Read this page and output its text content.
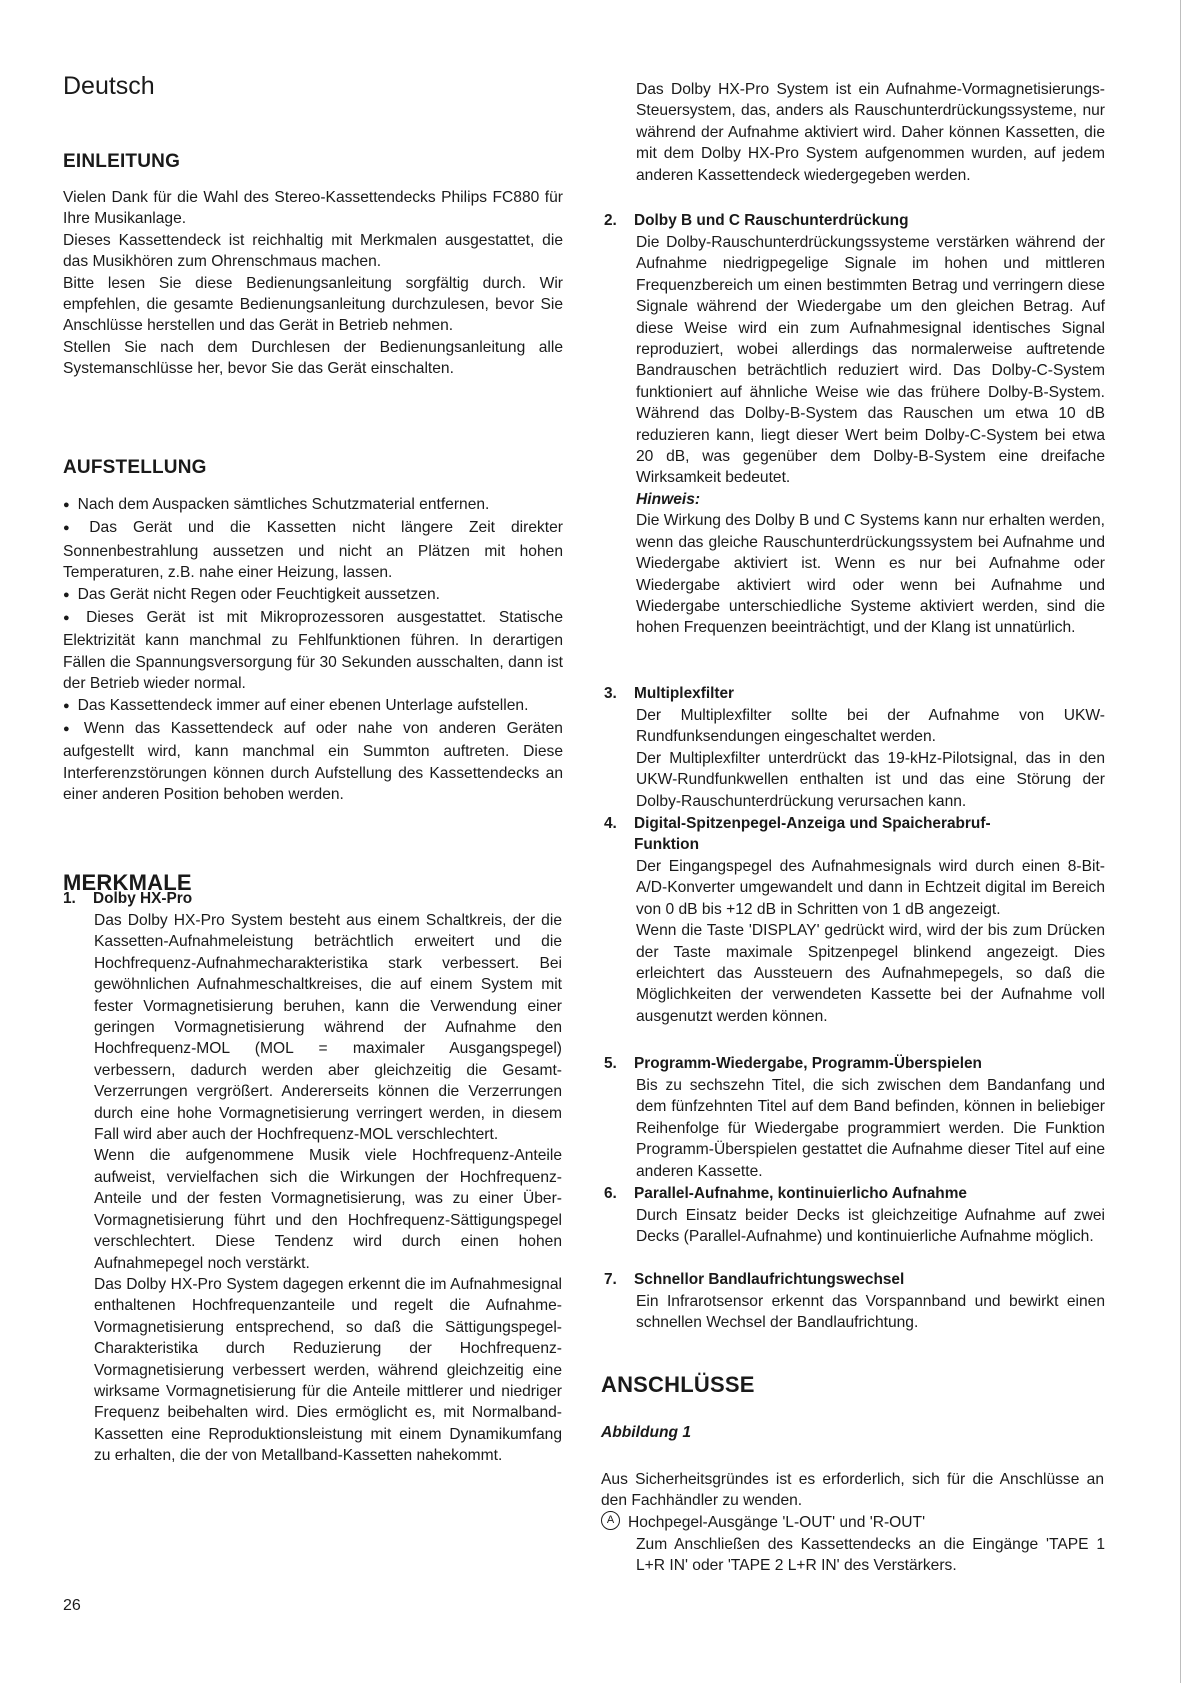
Deutsch
EINLEITUNG

Vielen Dank für die Wahl des Stereo-Kassettendecks Philips FC880 für Ihre Musikanlage.

Dieses Kassettendeck ist reichhaltig mit Merkmalen ausgestattet, die das Musikhören zum Ohrenschmaus machen.

Bitte lesen Sie diese Bedienungsanleitung sorgfältig durch. Wir empfehlen, die gesamte Bedienungsanleitung durchzulesen, bevor Sie Anschlüsse herstellen und das Gerät in Betrieb nehmen.

Stellen Sie nach dem Durchlesen der Bedienungsanleitung alle Systemanschlüsse her, bevor Sie das Gerät einschalten.

AUFSTELLUNG

● Nach dem Auspacken sämtliches Schutzmaterial entfernen.

● Das Gerät und die Kassetten nicht längere Zeit direkter Sonnenbestrahlung aussetzen und nicht an Plätzen mit hohen Temperaturen, z.B. nahe einer Heizung, lassen.

● Das Gerät nicht Regen oder Feuchtigkeit aussetzen.

● Dieses Gerät ist mit Mikroprozessoren ausgestattet. Statische Elektrizität kann manchmal zu Fehlfunktionen führen. In derartigen Fällen die Spannungsversorgung für 30 Sekunden ausschalten, dann ist der Betrieb wieder normal.

● Das Kassettendeck immer auf einer ebenen Unterlage aufstellen.

● Wenn das Kassettendeck auf oder nahe von anderen Geräten aufgestellt wird, kann manchmal ein Summton auftreten. Diese Interferenzstörungen können durch Aufstellung des Kassettendecks an einer anderen Position behoben werden.

MERKMALE
1. Dolby HX-Pro

Das Dolby HX-Pro System besteht aus einem Schaltkreis, der die Kassetten-Aufnahmeleistung beträchtlich erweitert und die Hochfrequenz-Aufnahmecharakteristika stark verbessert. Bei gewöhnlichen Aufnahmeschaltkreises, die auf einem System mit fester Vormagnetisierung beruhen, kann die Verwendung einer geringen Vormagnetisierung während der Aufnahme den Hochfrequenz-MOL (MOL = maximaler Ausgangspegel) verbessern, dadurch werden aber gleichzeitig die Gesamt-Verzerrungen vergrößert. Andererseits können die Verzerrungen durch eine hohe Vormagnetisierung verringert werden, in diesem Fall wird aber auch der Hochfrequenz-MOL verschlechtert.

Wenn die aufgenommene Musik viele Hochfrequenz-Anteile aufweist, vervielfachen sich die Wirkungen der Hochfrequenz-Anteile und der festen Vormagnetisierung, was zu einer Über-Vormagnetisierung führt und den Hochfrequenz-Sättigungspegel verschlechtert. Diese Tendenz wird durch einen hohen Aufnahmepegel noch verstärkt.

Das Dolby HX-Pro System dagegen erkennt die im Aufnahmesignal enthaltenen Hochfrequenzanteile und regelt die Aufnahme-Vormagnetisierung entsprechend, so daß die Sättigungspegel-Charakteristika durch Reduzierung der Hochfrequenz-Vormagnetisierung verbessert werden, während gleichzeitig eine wirksame Vormagnetisierung für die Anteile mittlerer und niedriger Frequenz beibehalten wird. Dies ermöglicht es, mit Normalband-Kassetten eine Reproduktionsleistung mit einem Dynamikumfang zu erhalten, die der von Metallband-Kassetten nahekommt.

Das Dolby HX-Pro System ist ein Aufnahme-Vormagnetisierungs-Steuersystem, das, anders als Rauschunterdrückungssysteme, nur während der Aufnahme aktiviert wird. Daher können Kassetten, die mit dem Dolby HX-Pro System aufgenommen wurden, auf jedem anderen Kassettendeck wiedergegeben werden.
2. Dolby B und C Rauschunterdrückung

Die Dolby-Rauschunterdrückungssysteme verstärken während der Aufnahme niedrigpegelige Signale im hohen und mittleren Frequenzbereich um einen bestimmten Betrag und verringern diese Signale während der Wiedergabe um den gleichen Betrag. Auf diese Weise wird ein zum Aufnahmesignal identisches Signal reproduziert, wobei allerdings das normalerweise auftretende Bandrauschen beträchtlich reduziert wird. Das Dolby-C-System funktioniert auf ähnliche Weise wie das frühere Dolby-B-System. Während das Dolby-B-System das Rauschen um etwa 10 dB reduzieren kann, liegt dieser Wert beim Dolby-C-System bei etwa 20 dB, was gegenüber dem Dolby-B-System eine dreifache Wirksamkeit bedeutet.

Hinweis:

Die Wirkung des Dolby B und C Systems kann nur erhalten werden, wenn das gleiche Rauschunterdrückungssystem bei Aufnahme und Wiedergabe aktiviert ist. Wenn es nur bei Aufnahme oder Wiedergabe aktiviert wird oder wenn bei Aufnahme und Wiedergabe unterschiedliche Systeme aktiviert werden, sind die hohen Frequenzen beeinträchtigt, und der Klang ist unnatürlich.

3. Multiplexfilter

Der Multiplexfilter sollte bei der Aufnahme von UKW-Rundfunksendungen eingeschaltet werden.

Der Multiplexfilter unterdrückt das 19-kHz-Pilotsignal, das in den UKW-Rundfunkwellen enthalten ist und das eine Störung der Dolby-Rauschunterdrückung verursachen kann.

4. Digital-Spitzenpegel-Anzeiga und Spaicherabruf-Funktion

Der Eingangspegel des Aufnahmesignals wird durch einen 8-Bit-A/D-Konverter umgewandelt und dann in Echtzeit digital im Bereich von 0 dB bis +12 dB in Schritten von 1 dB angezeigt.

Wenn die Taste 'DISPLAY' gedrückt wird, wird der bis zum Drücken der Taste maximale Spitzenpegel blinkend angezeigt. Dies erleichtert das Aussteuern des Aufnahmepegels, so daß die Möglichkeiten der verwendeten Kassette bei der Aufnahme voll ausgenutzt werden können.

5. Programm-Wiedergabe, Programm-Überspielen
Bis zu sechszehn Titel, die sich zwischen dem Bandanfang und dem fünfzehnten Titel auf dem Band befinden, können in beliebiger Reihenfolge für Wiedergabe programmiert werden. Die Funktion Programm-Überspielen gestattet die Aufnahme dieser Titel auf eine anderen Kassette.
6. Parallel-Aufnahme, kontinuierlicho Aufnahme
Durch Einsatz beider Decks ist gleichzeitige Aufnahme auf zwei Decks (Parallel-Aufnahme) und kontinuierliche Aufnahme möglich.
7. Schnellor Bandlaufrichtungswechsel
Ein Infrarotsensor erkennt das Vorspannband und bewirkt einen schnellen Wechsel der Bandlaufrichtung.
ANSCHLÜSSE
Abbildung 1
Aus Sicherheitsgründes ist es erforderlich, sich für die Anschlüsse an den Fachhändler zu wenden.
A Hochpegel-Ausgänge 'L-OUT' und 'R-OUT'
Zum Anschließen des Kassettendecks an die Eingänge 'TAPE 1 L+R IN' oder 'TAPE 2 L+R IN' des Verstärkers.
26
